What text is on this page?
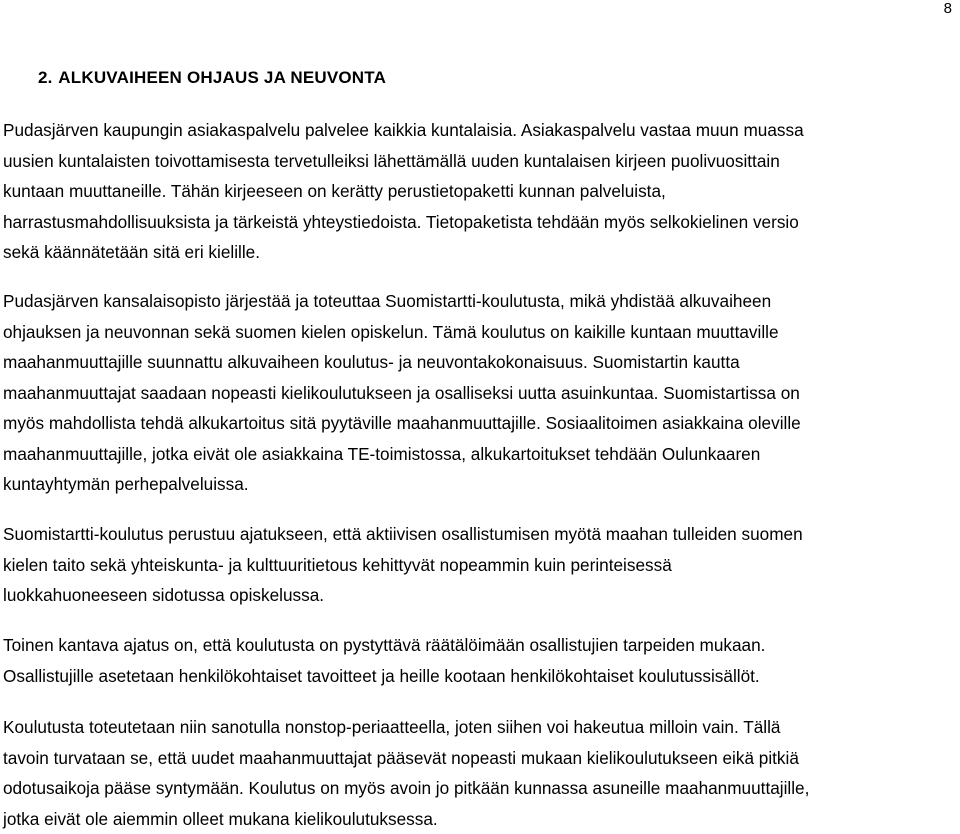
8
2. ALKUVAIHEEN OHJAUS JA NEUVONTA
Pudasjärven kaupungin asiakaspalvelu palvelee kaikkia kuntalaisia. Asiakaspalvelu vastaa muun muassa
uusien kuntalaisten toivottamisesta tervetulleiksi lähettämällä uuden kuntalaisen kirjeen puolivuosittain
kuntaan muuttaneille. Tähän kirjeeseen on kerätty perustietopaketti kunnan palveluista,
harrastusmahdollisuuksista ja tärkeistä yhteystiedoista. Tietopaketista tehdään myös selkokielinen versio
sekä käännätetään sitä eri kielille.
Pudasjärven kansalaisopisto järjestää ja toteuttaa Suomistartti-koulutusta, mikä yhdistää alkuvaiheen
ohjauksen ja neuvonnan sekä suomen kielen opiskelun. Tämä koulutus on kaikille kuntaan muuttaville
maahanmuuttajille suunnattu alkuvaiheen koulutus- ja neuvontakokonaisuus. Suomistartin kautta
maahanmuuttajat saadaan nopeasti kielikoulutukseen ja osalliseksi uutta asuinkuntaa. Suomistartissa on
myös mahdollista tehdä alkukartoitus sitä pyytäville maahanmuuttajille. Sosiaalitoimen asiakkaina oleville
maahanmuuttajille, jotka eivät ole asiakkaina TE-toimistossa, alkukartoitukset tehdään Oulunkaaren
kuntayhtymän perhepalveluissa.
Suomistartti-koulutus perustuu ajatukseen, että aktiivisen osallistumisen myötä maahan tulleiden suomen
kielen taito sekä yhteiskunta- ja kulttuuritietous kehittyvät nopeammin kuin perinteisessä
luokkahuoneeseen sidotussa opiskelussa.
Toinen kantava ajatus on, että koulutusta on pystyttävä räätälöimään osallistujien tarpeiden mukaan.
Osallistujille asetetaan henkilökohtaiset tavoitteet ja heille kootaan henkilökohtaiset koulutussisällöt.
Koulutusta toteutetaan niin sanotulla nonstop-periaatteella, joten siihen voi hakeutua milloin vain. Tällä
tavoin turvataan se, että uudet maahanmuuttajat pääsevät nopeasti mukaan kielikoulutukseen eikä pitkiä
odotusaikoja pääse syntymään. Koulutus on myös avoin jo pitkään kunnassa asuneille maahanmuuttajille,
jotka eivät ole aiemmin olleet mukana kielikoulutuksessa.
